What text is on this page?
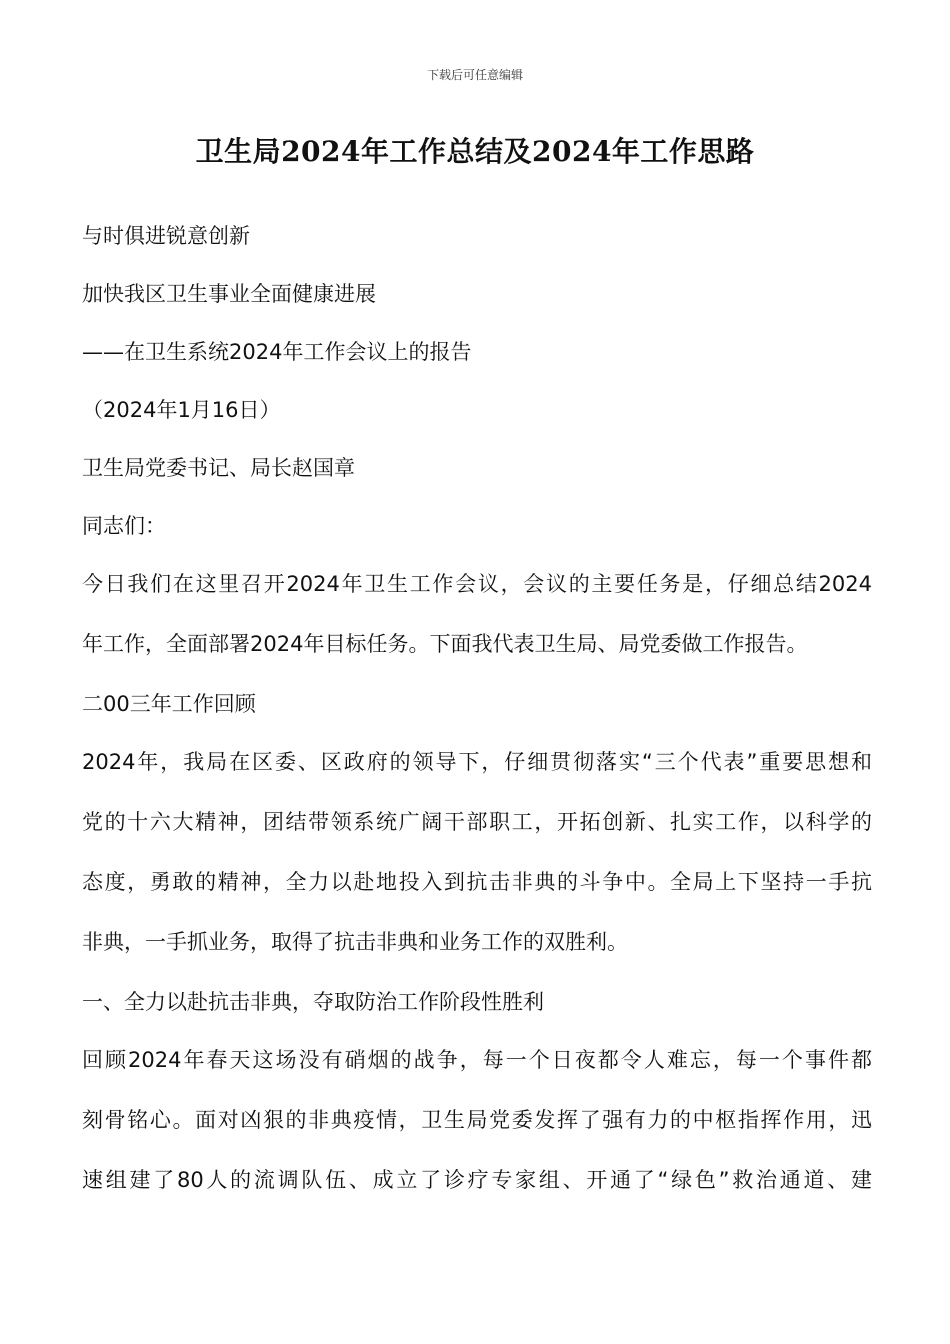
下载后可任意编辑
卫生局2024年工作总结及2024年工作思路
与时俱进锐意创新
加快我区卫生事业全面健康进展
——在卫生系统2024年工作会议上的报告
（2024年1月16日）
卫生局党委书记、局长赵国章
同志们：
今日我们在这里召开2024年卫生工作会议，会议的主要任务是，仔细总结2024
年工作，全面部署2024年目标任务。下面我代表卫生局、局党委做工作报告。
二00三年工作回顾
2024年，我局在区委、区政府的领导下，仔细贯彻落实“三个代表”重要思想和
党的十六大精神，团结带领系统广阔干部职工，开拓创新、扎实工作，以科学的
态度，勇敢的精神，全力以赴地投入到抗击非典的斗争中。全局上下坚持一手抗
非典，一手抓业务，取得了抗击非典和业务工作的双胜利。
一、全力以赴抗击非典，夺取防治工作阶段性胜利
回顾2024年春天这场没有硝烟的战争，每一个日夜都令人难忘，每一个事件都
刻骨铭心。面对凶狠的非典疫情，卫生局党委发挥了强有力的中枢指挥作用，迅
速组建了80人的流调队伍、成立了诊疗专家组、开通了“绿色”救治通道、建
